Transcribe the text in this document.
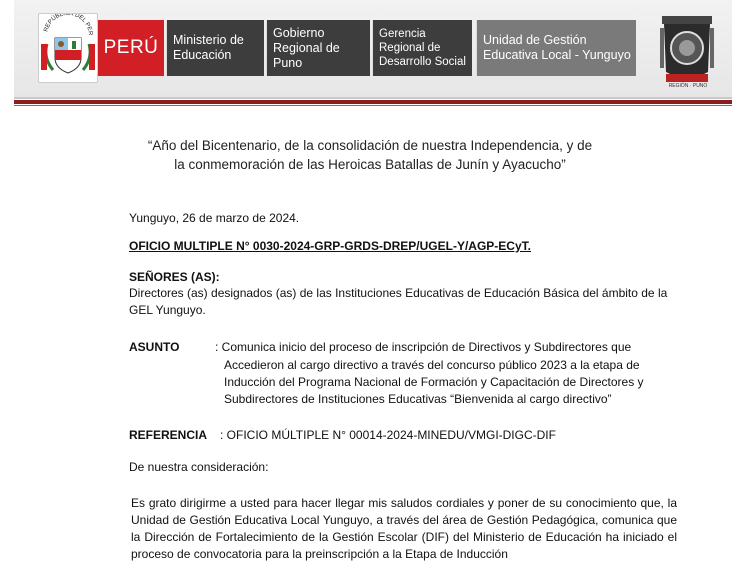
REPÚBLICA DEL PER
PERÚ Ministerio de Educación
Gobierno Regional de Puno
Gerencia Regional de Desarrollo Social
Unidad de Gestión Educativa Local - Yunguyo
REGIÓN · PUNO
“Año del Bicentenario, de la consolidación de nuestra Independencia, y de
la conmemoración de las Heroicas Batallas de Junín y Ayacucho”
Yunguyo, 26 de marzo de 2024.
OFICIO MULTIPLE N° 0030-2024-GRP-GRDS-DREP/UGEL-Y/AGP-ECyT.
SEÑORES (AS):
Directores (as) designados (as) de las Instituciones Educativas de Educación Básica del ámbito de la GEL Yunguyo.
ASUNTO	: Comunica inicio del proceso de inscripción de Directivos y Subdirectores que
Accedieron al cargo directivo a través del concurso público 2023 a la etapa de Inducción del Programa Nacional de Formación y Capacitación de Directores y Subdirectores de Instituciones Educativas “Bienvenida al cargo directivo”
REFERENCIA : OFICIO MÚLTIPLE N° 00014-2024-MINEDU/VMGI-DIGC-DIF
De nuestra consideración:
Es grato dirigirme a usted para hacer llegar mis saludos cordiales y poner de su conocimiento que, la Unidad de Gestión Educativa Local Yunguyo, a través del área de Gestión Pedagógica, comunica que la Dirección de Fortalecimiento de la Gestión Escolar (DIF) del Ministerio de Educación ha iniciado el proceso de convocatoria para la preinscripción a la Etapa de Inducción
